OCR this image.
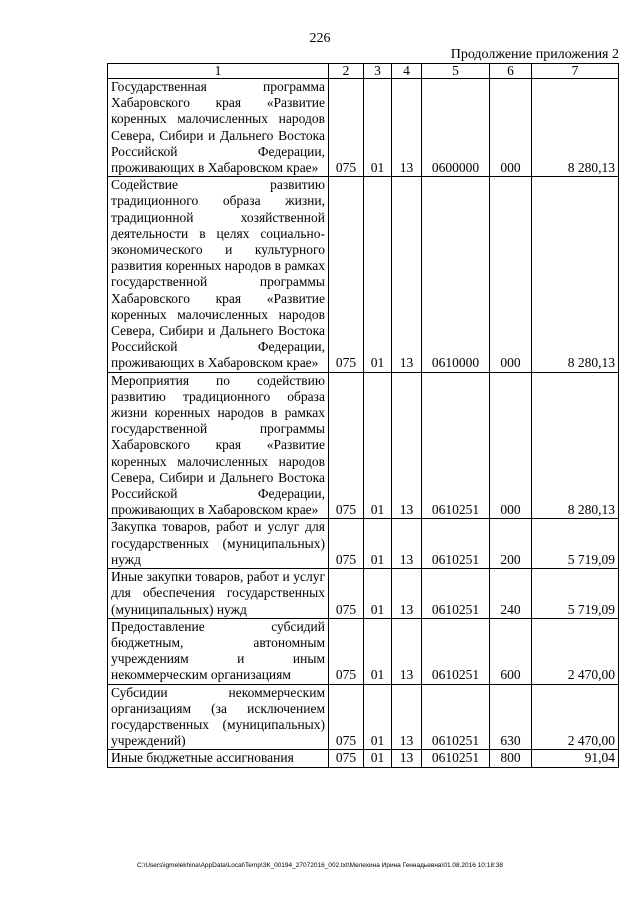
226
Продолжение приложения 2
1	2	3	4	5	6	7
Государственная программа Хабаровского края «Развитие коренных малочисленных народов Севера, Сибири и Дальнего Востока Российской Федерации, проживающих в Хабаровском крае»	075	01	13	0600000	000	8 280,13
Содействие развитию традиционного образа жизни, традиционной хозяйственной деятельности в целях социально-экономического и культурного развития коренных народов в рамках государственной программы Хабаровского края «Развитие коренных малочисленных народов Севера, Сибири и Дальнего Востока Российской Федерации, проживающих в Хабаровском крае»	075	01	13	0610000	000	8 280,13
Мероприятия по содействию развитию традиционного образа жизни коренных народов в рамках государственной программы Хабаровского края «Развитие коренных малочисленных народов Севера, Сибири и Дальнего Востока Российской Федерации, проживающих в Хабаровском крае»	075	01	13	0610251	000	8 280,13
Закупка товаров, работ и услуг для государственных (муниципальных) нужд	075	01	13	0610251	200	5 719,09
Иные закупки товаров, работ и услуг для обеспечения государственных (муниципальных) нужд	075	01	13	0610251	240	5 719,09
Предоставление субсидий бюджетным, автономным учреждениям и иным некоммерческим организациям	075	01	13	0610251	600	2 470,00
Субсидии некоммерческим организациям (за исключением государственных (муниципальных) учреждений)	075	01	13	0610251	630	2 470,00
Иные бюджетные ассигнования	075	01	13	0610251	800	91,04
C:\Users\igmelekhina\AppData\Local\Temp\ЗК_00194_27072016_002.txt\Мелехина Ирина Геннадьевна\01.08.2016 10:18:38
